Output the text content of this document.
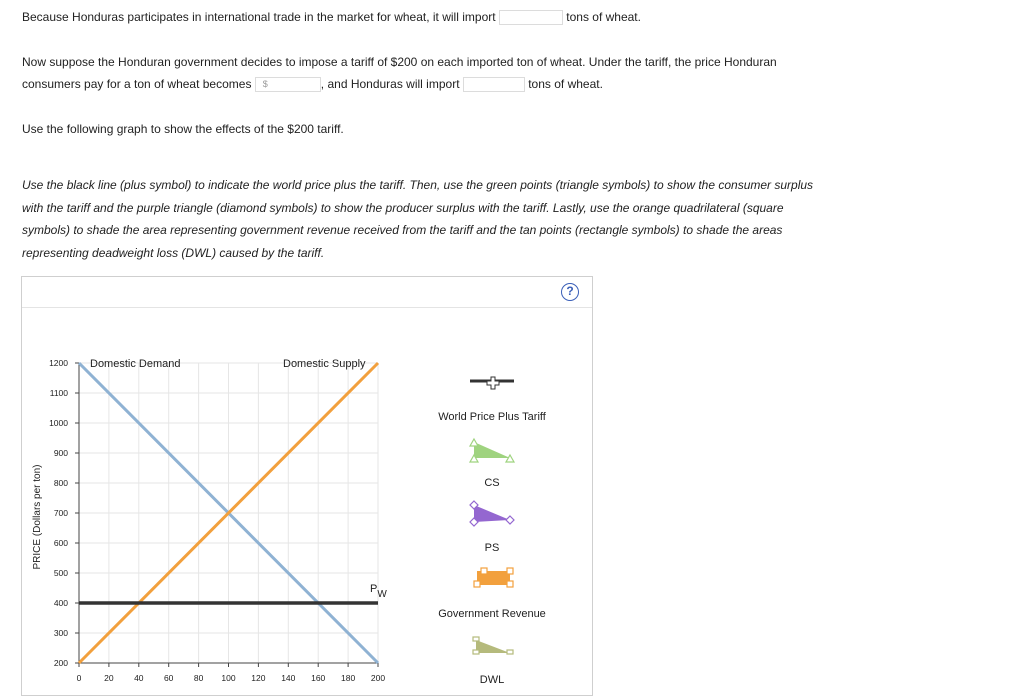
Because Honduras participates in international trade in the market for wheat, it will import	tons of wheat.
Now suppose the Honduran government decides to impose a tariff of $200 on each imported ton of wheat. Under the tariff, the price Honduran
consumers pay for a ton of wheat becomes $	, and Honduras will import	tons of wheat.
Use the following graph to show the effects of the $200 tariff.
Use the black line (plus symbol) to indicate the world price plus the tariff. Then, use the green points (triangle symbols) to show the consumer surplus
with the tariff and the purple triangle (diamond symbols) to show the producer surplus with the tariff. Lastly, use the orange quadrilateral (square
symbols) to shade the area representing government revenue received from the tariff and the tan points (rectangle symbols) to shade the areas
representing deadweight loss (DWL) caused by the tariff.
?
0	20 40 60 80 100 120 140 160 180 200
200
300
400
500
600
700
800
900
1000
1100
1200 Domestic Demand	Domestic Supply
PW
PRICE (Dollars per ton)
World Price Plus Tariff
CS
PS
Government Revenue
DWL
